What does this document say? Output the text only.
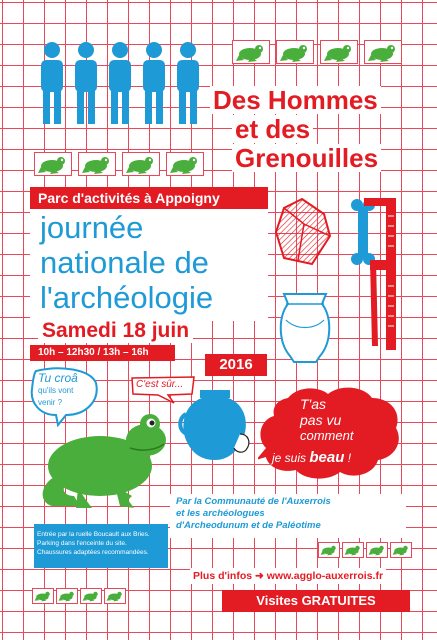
Des Hommes
et des
Grenouilles
Parc d'activités à Appoigny
journée
nationale de
l'archéologie
Samedi 18 juin
10h – 12h30 / 13h – 16h
2016
Tu croâ
qu'ils vont
venir ?
C'est sûr...
T'as
pas vu
comment
je suis beau !
Par la Communauté de l'Auxerrois
et les archéologues
d'Archeodunum et de Paléotime
Entrée par la ruelle Boucault aux Bries.
Parking dans l'enceinte du site.
Chaussures adaptées recommandées.
Plus d'infos ➜ www.agglo-auxerrois.fr
Visites GRATUITES
